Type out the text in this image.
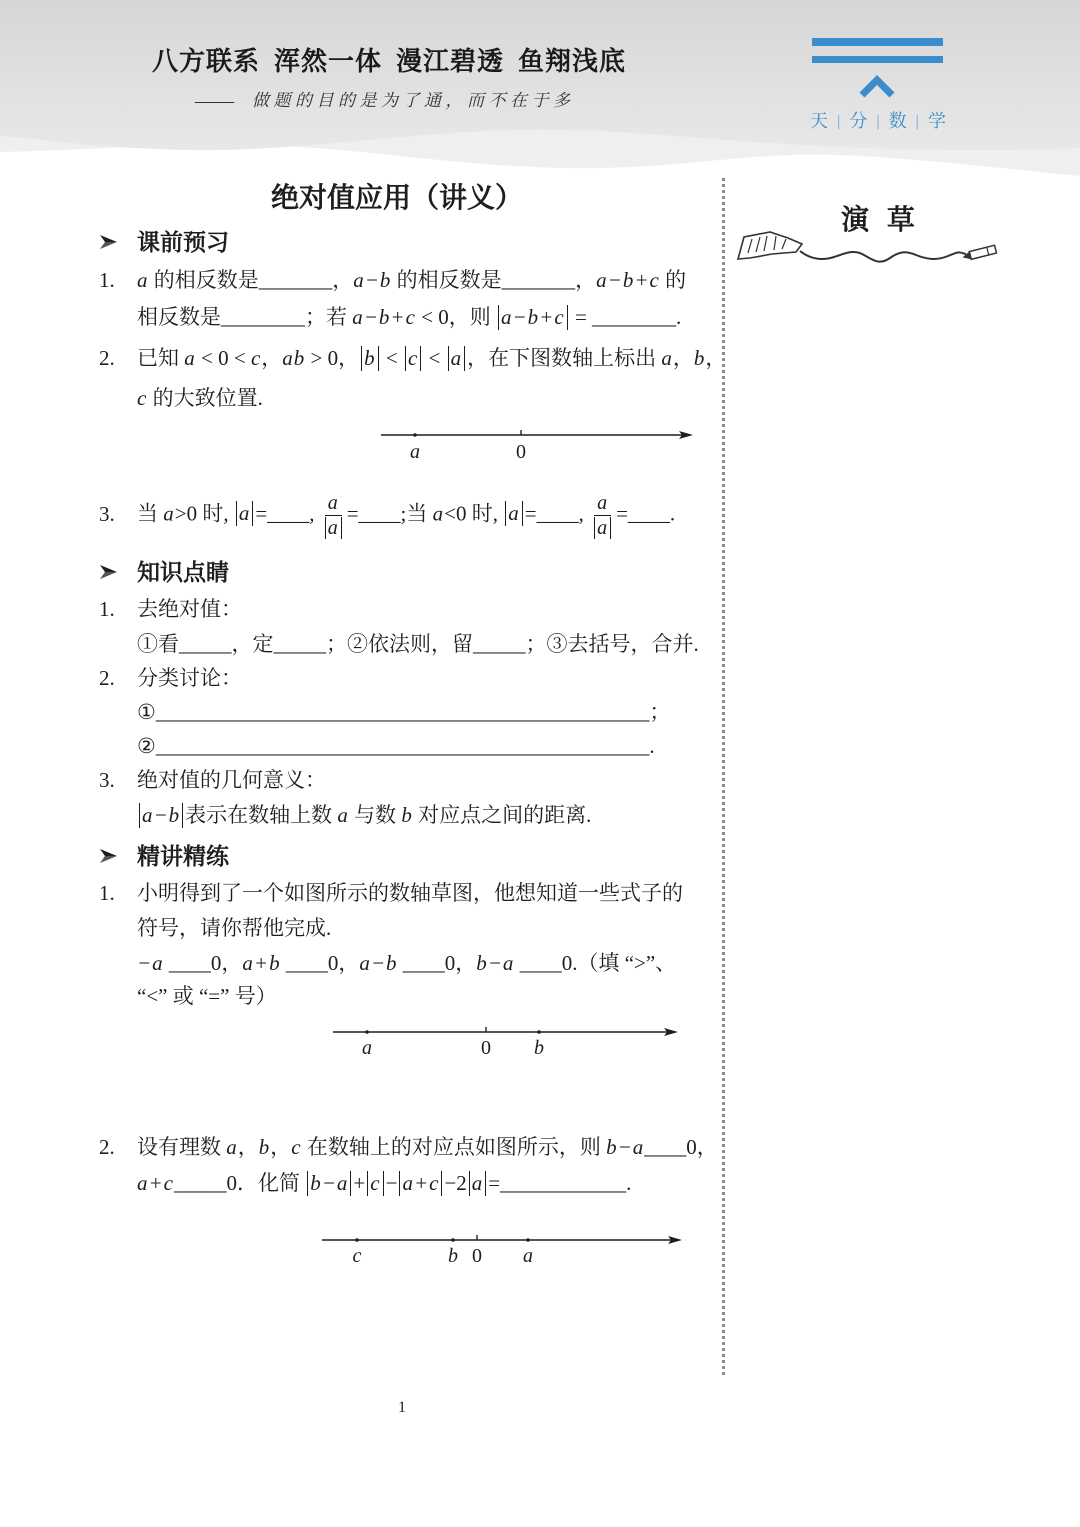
八方联系 浑然一体 漫江碧透 鱼翔浅底
—— 做题的目的是为了通，而不在于多
天 | 分 | 数 | 学
绝对值应用（讲义）
演 草
课前预习
1. a 的相反数是_______，a−b 的相反数是_______，a−b+c 的
相反数是________；若 a−b+c < 0，则 a−b+c = ________.
2. 已知 a < 0 < c，ab > 0， b < c < a ，在下图数轴上标出 a，b，
c 的大致位置.
a	0
3. 当 a>0 时, a =____, $\frac{a}{a}$ =____;当 a<0 时, a =____, $\frac{a}{a}$ =____.
知识点睛
1. 去绝对值：
①看_____，定_____；②依法则，留_____；③去括号，合并.
2. 分类讨论：
①_______________________________________________；
②_______________________________________________.
3. 绝对值的几何意义：
a−b 表示在数轴上数 a 与数 b 对应点之间的距离.
精讲精练
1. 小明得到了一个如图所示的数轴草图，他想知道一些式子的
符号，请你帮他完成.
−a ____0，a+b ____0，a−b ____0，b−a ____0.（填 “>”、
“<” 或 “=” 号）
a	0 b
2. 设有理数 a，b，c 在数轴上的对应点如图所示，则 b−a____0，
a+c_____0．化简 b−a + c − a+c −2 a =____________.
c	b 0 a
1
